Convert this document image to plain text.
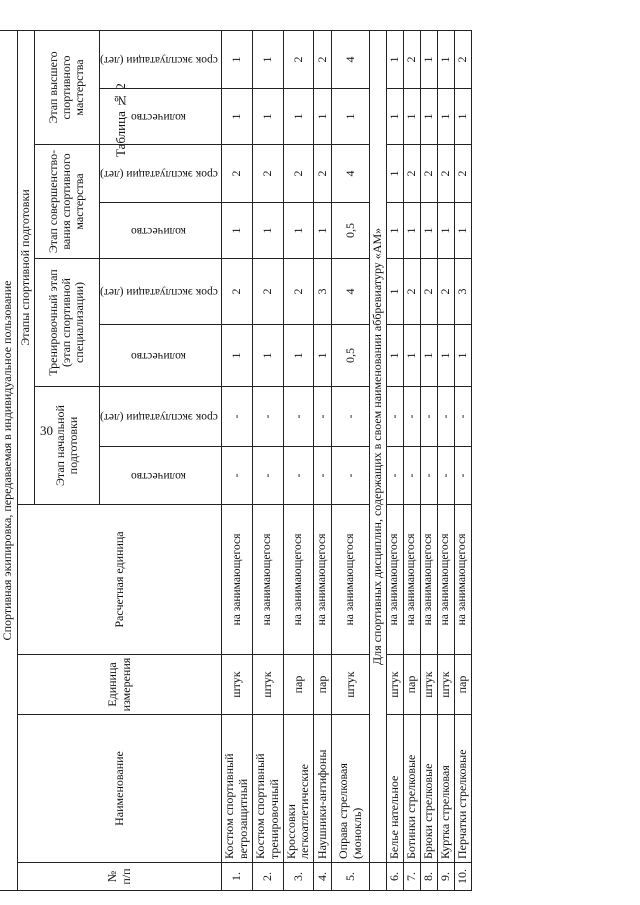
30
Таблица № 2
Спортивная экипировка, передаваемая в индивидуальное пользование											
№ п/п	Наименование	Единица измерения	Расчетная единица	Этапы спортивной подготовки							
				Этап начальной подготовки		Тренировочный этап (этап спортивной специализации)		Этап совершенство-вания спортивного мастерства		Этап высшего спортивного мастерства	
				количество	срок эксплуатации (лет)	количество	срок эксплуатации (лет)	количество	срок эксплуатации (лет)	количество	срок эксплуатации (лет)
1.	Костюм спортивный ветрозащитный	штук	на занимающегося	-	-	1	2	1	2	1	1
2.	Костюм спортивный тренировочный	штук	на занимающегося	-	-	1	2	1	2	1	1
3.	Кроссовки легкоатлетические	пар	на занимающегося	-	-	1	2	1	2	1	2
4.	Наушники-антифоны	пар	на занимающегося	-	-	1	3	1	2	1	2
5.	Оправа стрелковая (монокль)	штук	на занимающегося	-	-	0,5	4	0,5	4	1	4
	Для спортивных дисциплин, содержащих в своем наименовании аббревиатуру «АМ»										
6.	Белье нательное	штук	на занимающегося	-	-	1	1	1	1	1	1
7.	Ботинки стрелковые	пар	на занимающегося	-	-	1	2	1	2	1	2
8.	Брюки стрелковые	штук	на занимающегося	-	-	1	2	1	2	1	1
9.	Куртка стрелковая	штук	на занимающегося	-	-	1	2	1	2	1	1
10.	Перчатки стрелковые	пар	на занимающегося	-	-	1	3	1	2	1	2
